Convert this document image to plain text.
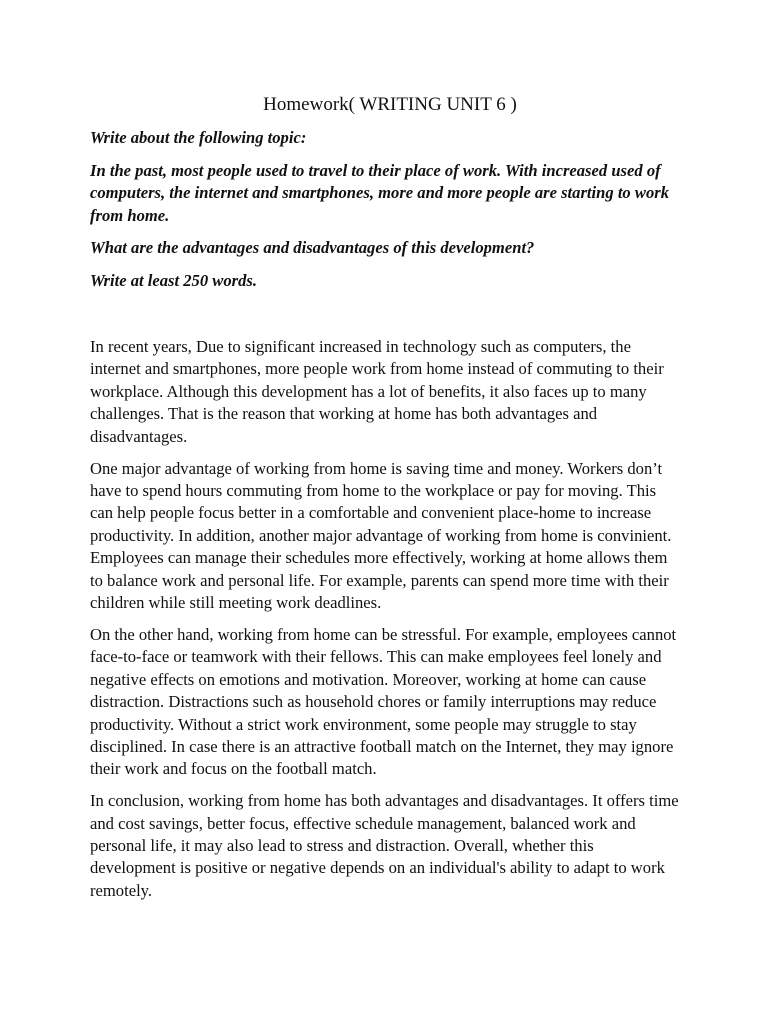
Homework( WRITING UNIT 6 )

Write about the following topic:

In the past, most people used to travel to their place of work. With increased used of computers, the internet and smartphones, more and more people are starting to work from home.

What are the advantages and disadvantages of this development?

Write at least 250 words.

In recent years, Due to significant increased in technology such as computers, the internet and smartphones, more people work from home instead of commuting to their workplace. Although this development has a lot of benefits, it also faces up to many challenges. That is the reason that working at home has both advantages and disadvantages.

One major advantage of working from home is saving time and money. Workers don’t have to spend hours commuting from home to the workplace or pay for moving. This can help people focus better in a comfortable and convenient place-home to increase productivity. In addition, another major advantage of working from home is convinient. Employees can manage their schedules more effectively, working at home allows them to balance work and personal life. For example, parents can spend more time with their children while still meeting work deadlines.

On the other hand, working from home can be stressful. For example, employees cannot face-to-face or teamwork with their fellows. This can make employees feel lonely and negative effects on emotions and motivation. Moreover, working at home can cause distraction. Distractions such as household chores or family interruptions may reduce productivity. Without a strict work environment, some people may struggle to stay disciplined. In case there is an attractive football match on the Internet, they may ignore their work and focus on the football match.

In conclusion, working from home has both advantages and disadvantages. It offers time and cost savings, better focus, effective schedule management, balanced work and personal life, it may also lead to stress and distraction. Overall, whether this development is positive or negative depends on an individual's ability to adapt to work remotely.
